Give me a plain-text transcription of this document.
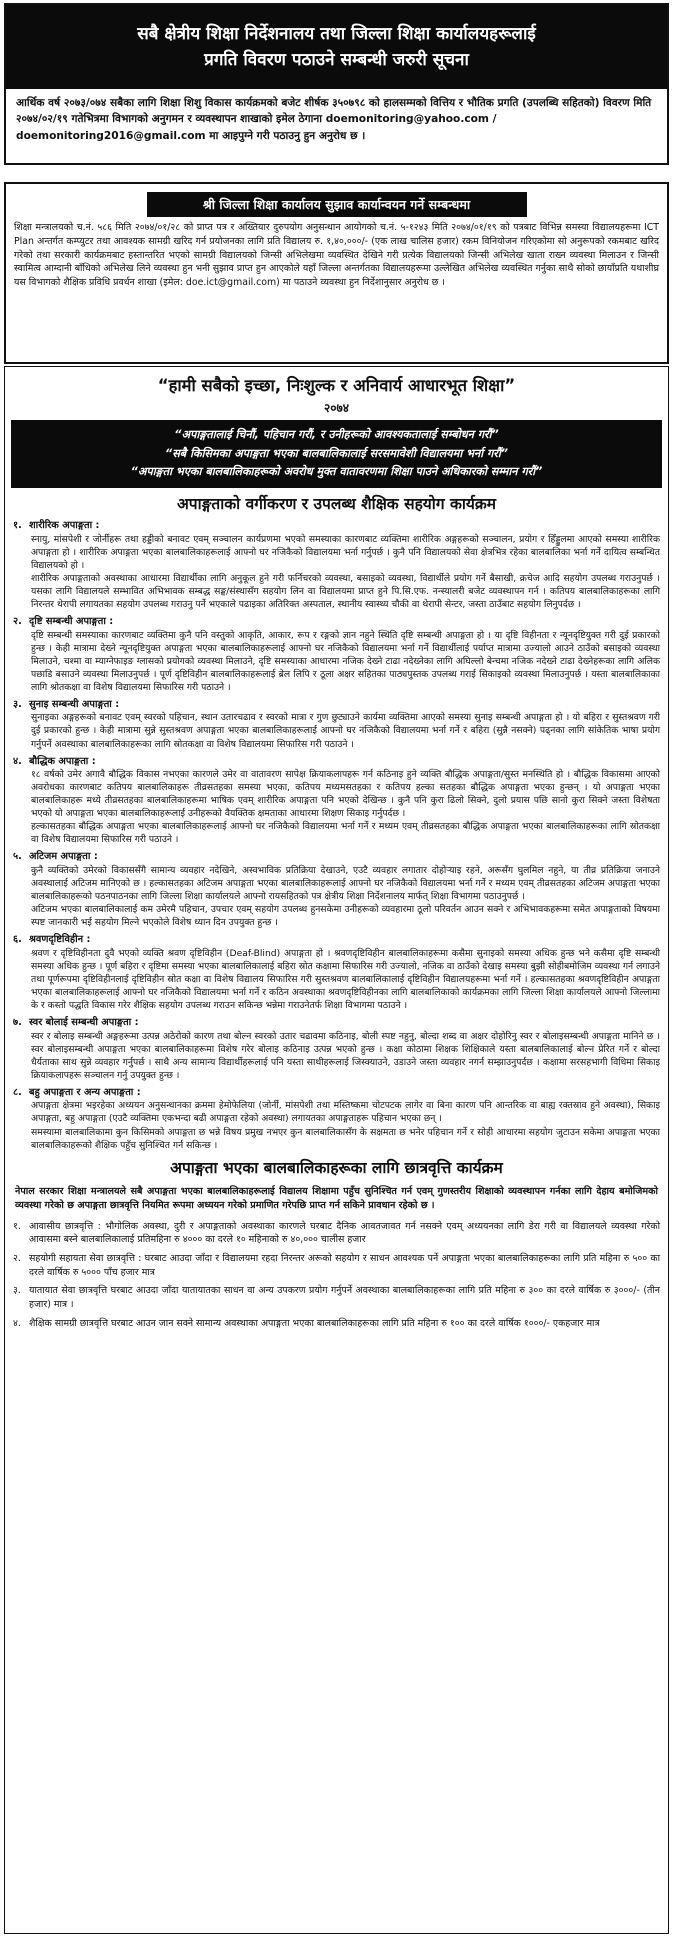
सबै क्षेत्रीय शिक्षा निर्देशनालय तथा जिल्ला शिक्षा कार्यालयहरूलाई
प्रगति विवरण पठाउने सम्बन्धी जरुरी सूचना
आर्थिक वर्ष २०७३/०७४ सबैका लागि शिक्षा शिशु विकास कार्यक्रमको बजेट शीर्षक ३५०७९८ को हालसम्मको वित्तिय र भौतिक प्रगति (उपलब्धि सहितको) विवरण मिति २०७४/०२/१९ गतेभित्रमा विभागको अनुगमन र व्यवस्थापन शाखाको इमेल ठेगाना doemonitoring@yahoo.com / doemonitoring2016@gmail.com मा आइपुग्ने गरी पठाउनु हुन अनुरोध छ ।
श्री जिल्ला शिक्षा कार्यालय सुझाव कार्यान्वयन गर्ने सम्बन्धमा
शिक्षा मन्त्रालयको च.नं. ५८६ मिति २०७४/०१/२८ को प्राप्त पत्र र अख्तियार दुरुपयोग अनुसन्धान आयोगको च.नं. ५-१२४३ मिति २०७४/०१/१९ को पत्रबाट विभिन्न समस्या विद्यालयहरूमा ICT Plan अन्तर्गत कम्प्युटर तथा आवश्यक सामग्री खरिद गर्न प्रयोजनका लागि प्रति विद्यालय रु. १,४०,०००/- (एक लाख चालिस हजार) रकम विनियोजन गरिएकोमा सो अनुरूपको रकमबाट खरिद गरेको तथा सरकारी कार्यक्रमबाट हस्तान्तरित भएको सामग्री विद्यालयको जिन्सी अभिलेखमा व्यवस्थित देखिने गरी प्रत्येक विद्यालयको जिन्सी अभिलेख खाता राख्न व्यवस्था मिलाउन र जिन्सी स्वामित्व आम्दानी बाँधिको अभिलेख लिने व्यवस्था हुन भनी सुझाव प्राप्त हुन आएकोले यहाँ जिल्ला अन्तर्गतका विद्यालयहरूमा उल्लेखित अभिलेख व्यवस्थित गर्नुका साथै सोको छायाँप्रति यथाशीघ्र यस विभागको शैक्षिक प्रविधि प्रवर्धन शाखा (इमेल: doe.ict@gmail.com) मा पठाउने व्यवस्था हुन निर्देशानुसार अनुरोध छ ।
“हामी सबैको इच्छा, निःशुल्क र अनिवार्य आधारभूत शिक्षा”
२०७४
“अपाङ्गतालाई चिनौं, पहिचान गरौं, र उनीहरूको आवश्यकतालाई सम्बोधन गरौं”
“सबै किसिमका अपाङ्गता भएका बालबालिकालाई सरसमावेशी विद्यालयमा भर्ना गरौं”
“अपाङ्गता भएका बालबालिकाहरूको अवरोध मुक्त वातावरणमा शिक्षा पाउने अधिकारको सम्मान गरौं”
अपाङ्गताको वर्गीकरण र उपलब्ध शैक्षिक सहयोग कार्यक्रम
१. शारीरिक अपाङ्गता :
स्नायु, मांसपेशी र जोर्नीहरू तथा हड्डीको बनावट एवम् सञ्चालन कार्यप्रणमा भएको समस्याका कारणबाट व्यक्तिमा शारीरिक अङ्गहरूको सञ्चालन, प्रयोग र हिँड्डुलमा आएको समस्या शारीरिक अपाङ्गता हो । शारीरिक अपाङ्गता भएका बालबालिकाहरूलाई आफ्नो घर नजिकैको विद्यालयमा भर्ना गर्नुपर्छ । कुनै पनि विद्यालयको सेवा क्षेत्रभित्र रहेका बालबालिका भर्ना गर्ने दायित्व सम्बन्धित विद्यालयको हो ।
शारीरिक अपाङ्गताको अवस्थाका आधारमा विद्यार्थीका लागि अनुकूल हुने गरी फर्निचरको व्यवस्था, बसाइको व्यवस्था, विद्यार्थीले प्रयोग गर्ने बैसाखी, क्रचेज आदि सहयोग उपलब्ध गराउनुपर्छ । यसका लागि विद्यालयले सम्भावित अभिभावक सम्बद्ध सङ्घ/संस्थासँग सहयोग लिन वा विद्यालयमा प्राप्त हुने पि.सि.एफ. नन्स्यालरी बजेट व्यवस्थापन गर्न । कतिपय बालबालिकाहरूका लागि निरन्तर थेरापी लगायतका सहयोग उपलब्ध गराउनु पर्ने भएकाले पढाइका अतिरिक्त अस्पताल, स्थानीय स्वास्थ्य चौकी वा थेरापी सेन्टर, जस्ता ठाउँबाट सहयोग लिनुपर्दछ ।
२. दृष्टि सम्बन्धी अपाङ्गता :
दृष्टि सम्बन्धी समस्याका कारणबाट व्यक्तिमा कुनै पनि वस्तुको आकृति, आकार, रूप र रङ्गको ज्ञान नहुने स्थिति दृष्टि सम्बन्धी अपाङ्गता हो । या दृष्टि विहीनता र न्यूनदृष्टियुक्त गरी दुई प्रकारको हुन्छ । केही मात्रामा देख्ने न्यूनदृष्टियुक्त अपाङ्गता भएका बालबालिकाहरूलाई आफ्नो घर नजिकैको विद्यालयमा भर्ना गर्ने विद्यार्थीलाई पर्याप्त मात्रामा उज्यालो आउने ठाउँको बसाइको व्यवस्था मिलाउने, चश्मा वा म्याग्नेफाइङ ग्लासको प्रयोगको व्यवस्था मिलाउने, दृष्टि समस्याका आधारमा नजिक देख्ने टाढा नदेख्नेका लागि अघिल्लो बेन्चमा नजिक नदेख्ने टाढा देख्नेहरूका लागि अलिक पछाडि बसाउने व्यवस्था मिलाउनुपर्छ । पूर्ण दृष्टिविहीन बालबालिकाहरूलाई ब्रेल लिपि र ठूला अक्षर सहितका पाठ्यपुस्तक उपलब्ध गराई सिकाइको व्यवस्था मिलाउनुपर्छ । यस्ता बालबालिकाका लागि श्रोतकक्षा वा विशेष विद्यालयमा सिफारिस गरी पठाउने ।
३. सुनाइ सम्बन्धी अपाङ्गता :
सुनाइका अङ्गहरूको बनावट एवम् स्वरको पहिचान, स्थान उतारचढाव र स्वरको मात्रा र गुण छुट्याउने कार्यमा व्यक्तिमा आएको समस्या सुनाइ सम्बन्धी अपाङ्गता हो । यो बहिरा र सुस्तश्रवण गरी दुई प्रकारको हुन्छ । केही मात्रामा सुन्ने सुस्तश्रवण अपाङ्गता भएका बालबालिकाहरूलाई आफ्नो घर नजिकैको विद्यालयमा भर्ना गर्ने र बहिरा (सुन्नै नसक्ने) पढ्नका लागि सांकेतिक भाषा प्रयोग गर्नुपर्ने अवस्थाका बालबालिकाहरूका लागि स्रोतकक्षा वा विशेष विद्यालयमा सिफारिस गरी पठाउने ।
४. बौद्धिक अपाङ्गता :
१८ वर्षको उमेर अगावै बौद्धिक विकास नभएका कारणले उमेर वा वातावरण सापेक्ष क्रियाकलापहरू गर्न कठिनाइ हुने व्यक्ति बौद्धिक अपाङ्गता/सुस्त मनस्थिति हो । बौद्धिक विकासमा आएको अवरोधका कारणबाट कतिपय बालबालिकाहरू तीव्रसतहका समस्या भएका, कतिपय मध्यमसतहका र कतिपय हल्का सतहका बौद्धिक अपाङ्गता भएका हुन्छन् । यो अपाङ्गता भएका बालबालिकाहरू मध्ये तीव्रसतहका बालबालिकाहरूमा भाषिक एवम् शारीरिक अपाङ्गता पनि भएको देखिन्छ । कुनै पनि कुरा ढिलो सिक्ने, दुलो प्रयास पछि सानो कुरा सिक्ने जस्ता विशेषता भएको यो अपाङ्गता भएका बालबालिकाहरूलाई उनीहरूको वैयक्तिक क्षमताका आधारमा शिक्षण सिकाइ गर्नुपर्दछ ।
हल्कासतहका बौद्धिक अपाङ्गता भएका बालबालिकाहरूलाई आफ्नो घर नजिकैको विद्यालयमा भर्ना गर्ने र मध्यम एवम् तीव्रसतहका बौद्धिक अपाङ्गता भएका बालबालिकाहरूका लागि स्रोतकक्षा वा विशेष विद्यालयमा सिफारिस गरी पठाउने ।
५. अटिजम अपाङ्गता :
कुनै व्यक्तिको उमेरको विकाससँगै सामान्य व्यवहार नदेखिने, अस्वभाविक प्रतिक्रिया देखाउने, एउटै व्यवहार लगातार दोहोर्‍याइ रहने, अरूसँग घुलमिल नहुने, या तीव्र प्रतिक्रिया जनाउने अवस्थालाई अटिजम मानिएको छ । हल्कासतहका अटिजम अपाङ्गता भएका बालबालिकाहरूलाई आफ्नो घर नजिकैको विद्यालयमा भर्ना गर्ने र मध्यम एवम् तीव्रसतहका अटिजम अपाङ्गता भएका बालबालिकाहरूको पठनपाठनका लागि जिल्ला शिक्षा कार्यालयले आफ्नो रायसहितको पत्र क्षेत्रीय शिक्षा निर्देशनालय मार्फत् शिक्षा विभागमा पठाउनुपर्छ ।
अटिजम भएका बालबालिकालाई कम उमेरमै पहिचान, उपचार एवम् सहयोग उपलब्ध हुनसकेमा उनीहरूको व्यवहारमा ठूलो परिवर्तन आउन सक्ने र अभिभावकहरूमा समेत अपाङ्गताको विषयमा स्पष्ट जानकारी भई सहयोग मिल्ने भएकोले विशेष ध्यान दिन उपयुक्त हुन्छ ।
६. श्रवणदृष्टिविहीन :
श्रवण र दृष्टिविहीनता दुवै भएको व्यक्ति श्रवण दृष्टिविहीन (Deaf-Blind) अपाङ्गता हो । श्रवणदृष्टिविहीन बालबालिकाहरूमा कसैमा सुनाइको समस्या अधिक हुन्छ भने कसैमा दृष्टि सम्बन्धी समस्या अधिक हुन्छ । पूर्ण बहिरा र दृष्टिमा समस्या भएका बालबालिकालाई बहिरा स्रोत कक्षामा सिफारिस गरी उज्यालो, नजिक वा ठाउँको देखाइ समस्या बुझी सोहीबमोजिम व्यवस्था गर्न लगाउने तथा पूर्णरूपमा दृष्टिविहीनलाई दृष्टिविहीन स्रोत कक्षा वा विशेष विद्यालय सिफारिस गरी सुस्तश्रवण बालबालिकालाई दृष्टिविहीन विद्यालयहरूमा भर्ना गर्ने । हल्कासतहका श्रवणदृष्टिविहीन अपाङ्गता भएका बालबालिकाहरूलाई आफ्नो घर नजिकैको विद्यालयमा भर्ना गर्ने र कठिन अवस्थाका श्रवणदृष्टिविहीनका लागि बालबालिकाको कार्यक्रमका लागि जिल्ला शिक्षा कार्यालयले आफ्नो जिल्लामा के र कस्तो पद्धति विकास गरेर शैक्षिक सहयोग उपलब्ध गराउन सकिन्छ भन्नेमा गराउनेतर्फ शिक्षा विभागमा पठाउने ।
७. स्वर बोलाई सम्बन्धी अपाङ्गता :
स्वर र बोलाइ सम्बन्धी अङ्गहरूमा उत्पन्न अठेरोको कारण तथा बोल्न स्वरको उतार चढावमा कठिनाइ, बोली स्पष्ट नहुनु, बोल्दा शब्द वा अक्षर दोहोरिनु स्वर र बोलाइसम्बन्धी अपाङ्गता मानिने छ । स्वर बोलाइसम्बन्धी अपाङ्गता भएका बालबालिकाहरूमा विशेष गरेर बोलाइ कठिनाइ उत्पन्न भएको हुन्छ । कक्षा कोठामा शिक्षक शिक्षिकाले यस्ता बालबालिकालाई बोल्न प्रेरित गर्ने र बोल्दा धैर्यताका साथ सुन्ने व्यवहार गर्नुपर्छ । साथै अन्य सामान्य विद्यार्थीहरूलाई पनि यस्ता साथीहरूलाई जिस्क्याउने, उडाउने जस्ता व्यवहार नगर्न सम्झाउनुपर्दछ । कक्षामा सरसहभागी विधिमा सिकाइ क्रियाकलापहरू सञ्चालन गर्नु उपयुक्त हुन्छ ।
८. बहु अपाङ्गता र अन्य अपाङ्गता :
अपाङ्गता क्षेत्रमा भइरहेका अध्ययन अनुसन्धानका क्रममा हेमोफेलिया (जोर्नी, मांसपेशी तथा मस्तिष्कमा चोटपटक लागेर वा बिना कारण पनि आन्तरिक वा बाह्य रक्तस्राव हुने अवस्था), सिकाइ अपाङ्गता, बहु अपाङ्गता (एउटै व्यक्तिमा एकभन्दा बढी अपाङ्गता रहेको अवस्था) लगायतका अपाङ्गताहरू पहिचान भएका छन् ।
समस्यामा बालबालिकामा कुन किसिमको अपाङ्गता छ भन्ने विषय प्रमुख नभएर कुन बालबालिकासँग के सक्षमता छ भनेर पहिचान गर्ने र सोही आधारमा सहयोग जुटाउन सकेमा अपाङ्गता भएका बालबालिकाहरूको शैक्षिक पहुँच सुनिश्चित गर्न सकिन्छ ।
अपाङ्गता भएका बालबालिकाहरूका लागि छात्रवृत्ति कार्यक्रम
नेपाल सरकार शिक्षा मन्त्रालयले सबै अपाङ्गता भएका बालबालिकाहरूलाई विद्यालय शिक्षामा पहुँच सुनिश्चित गर्न एवम् गुणस्तरीय शिक्षाको व्यवस्थापन गर्नका लागि देहाय बमोजिमको व्यवस्था गरेको छ अपाङ्गता छात्रवृत्ति नियमित रूपमा अध्ययन गरेको प्रमाणित गरेपछि प्राप्त गर्न सकिने प्रावधान रहेको छ ।
१. आवासीय छात्रवृत्ति : भौगोलिक अवस्था, दुरी र अपाङ्गताको अवस्थाका कारणले घरबाट दैनिक आवतजावत गर्न नसक्ने एवम् अध्ययनका लागि डेरा गरी वा विद्यालयले व्यवस्था गरेको आवासमा बस्ने बालबालिकालाई प्रतिमहिना रु ४००० का दरले १० महिनाको रु ४०,००० चालीस हजार
२. सहयोगी सहायता सेवा छात्रवृत्ति : घरबाट आउदा जाँदा र विद्यालयमा रहदा निरन्तर अरूको सहयोग र साधन आवश्यक पर्ने अपाङ्गता भएका बालबालिकाहरूका लागि प्रति महिना रु ५०० का दरले वार्षिक रु ५००० पाँच हजार मात्र
३. यातायात सेवा छात्रवृत्ति घरबाट आउदा जाँदा यातायातका साधन वा अन्य उपकरण प्रयोग गर्नुपर्ने अवस्थाका बालबालिकाहरूका लागि प्रति महिना रु ३०० का दरले वार्षिक रु ३०००/- (तीन हजार) मात्र ।
४. शैक्षिक सामग्री छात्रवृत्ति घरबाट आउन जान सक्ने सामान्य अवस्थाका अपाङ्गता भएका बालबालिकाहरूका लागि प्रति महिना रु १०० का दरले वार्षिक १०००/- एकहजार मात्र
